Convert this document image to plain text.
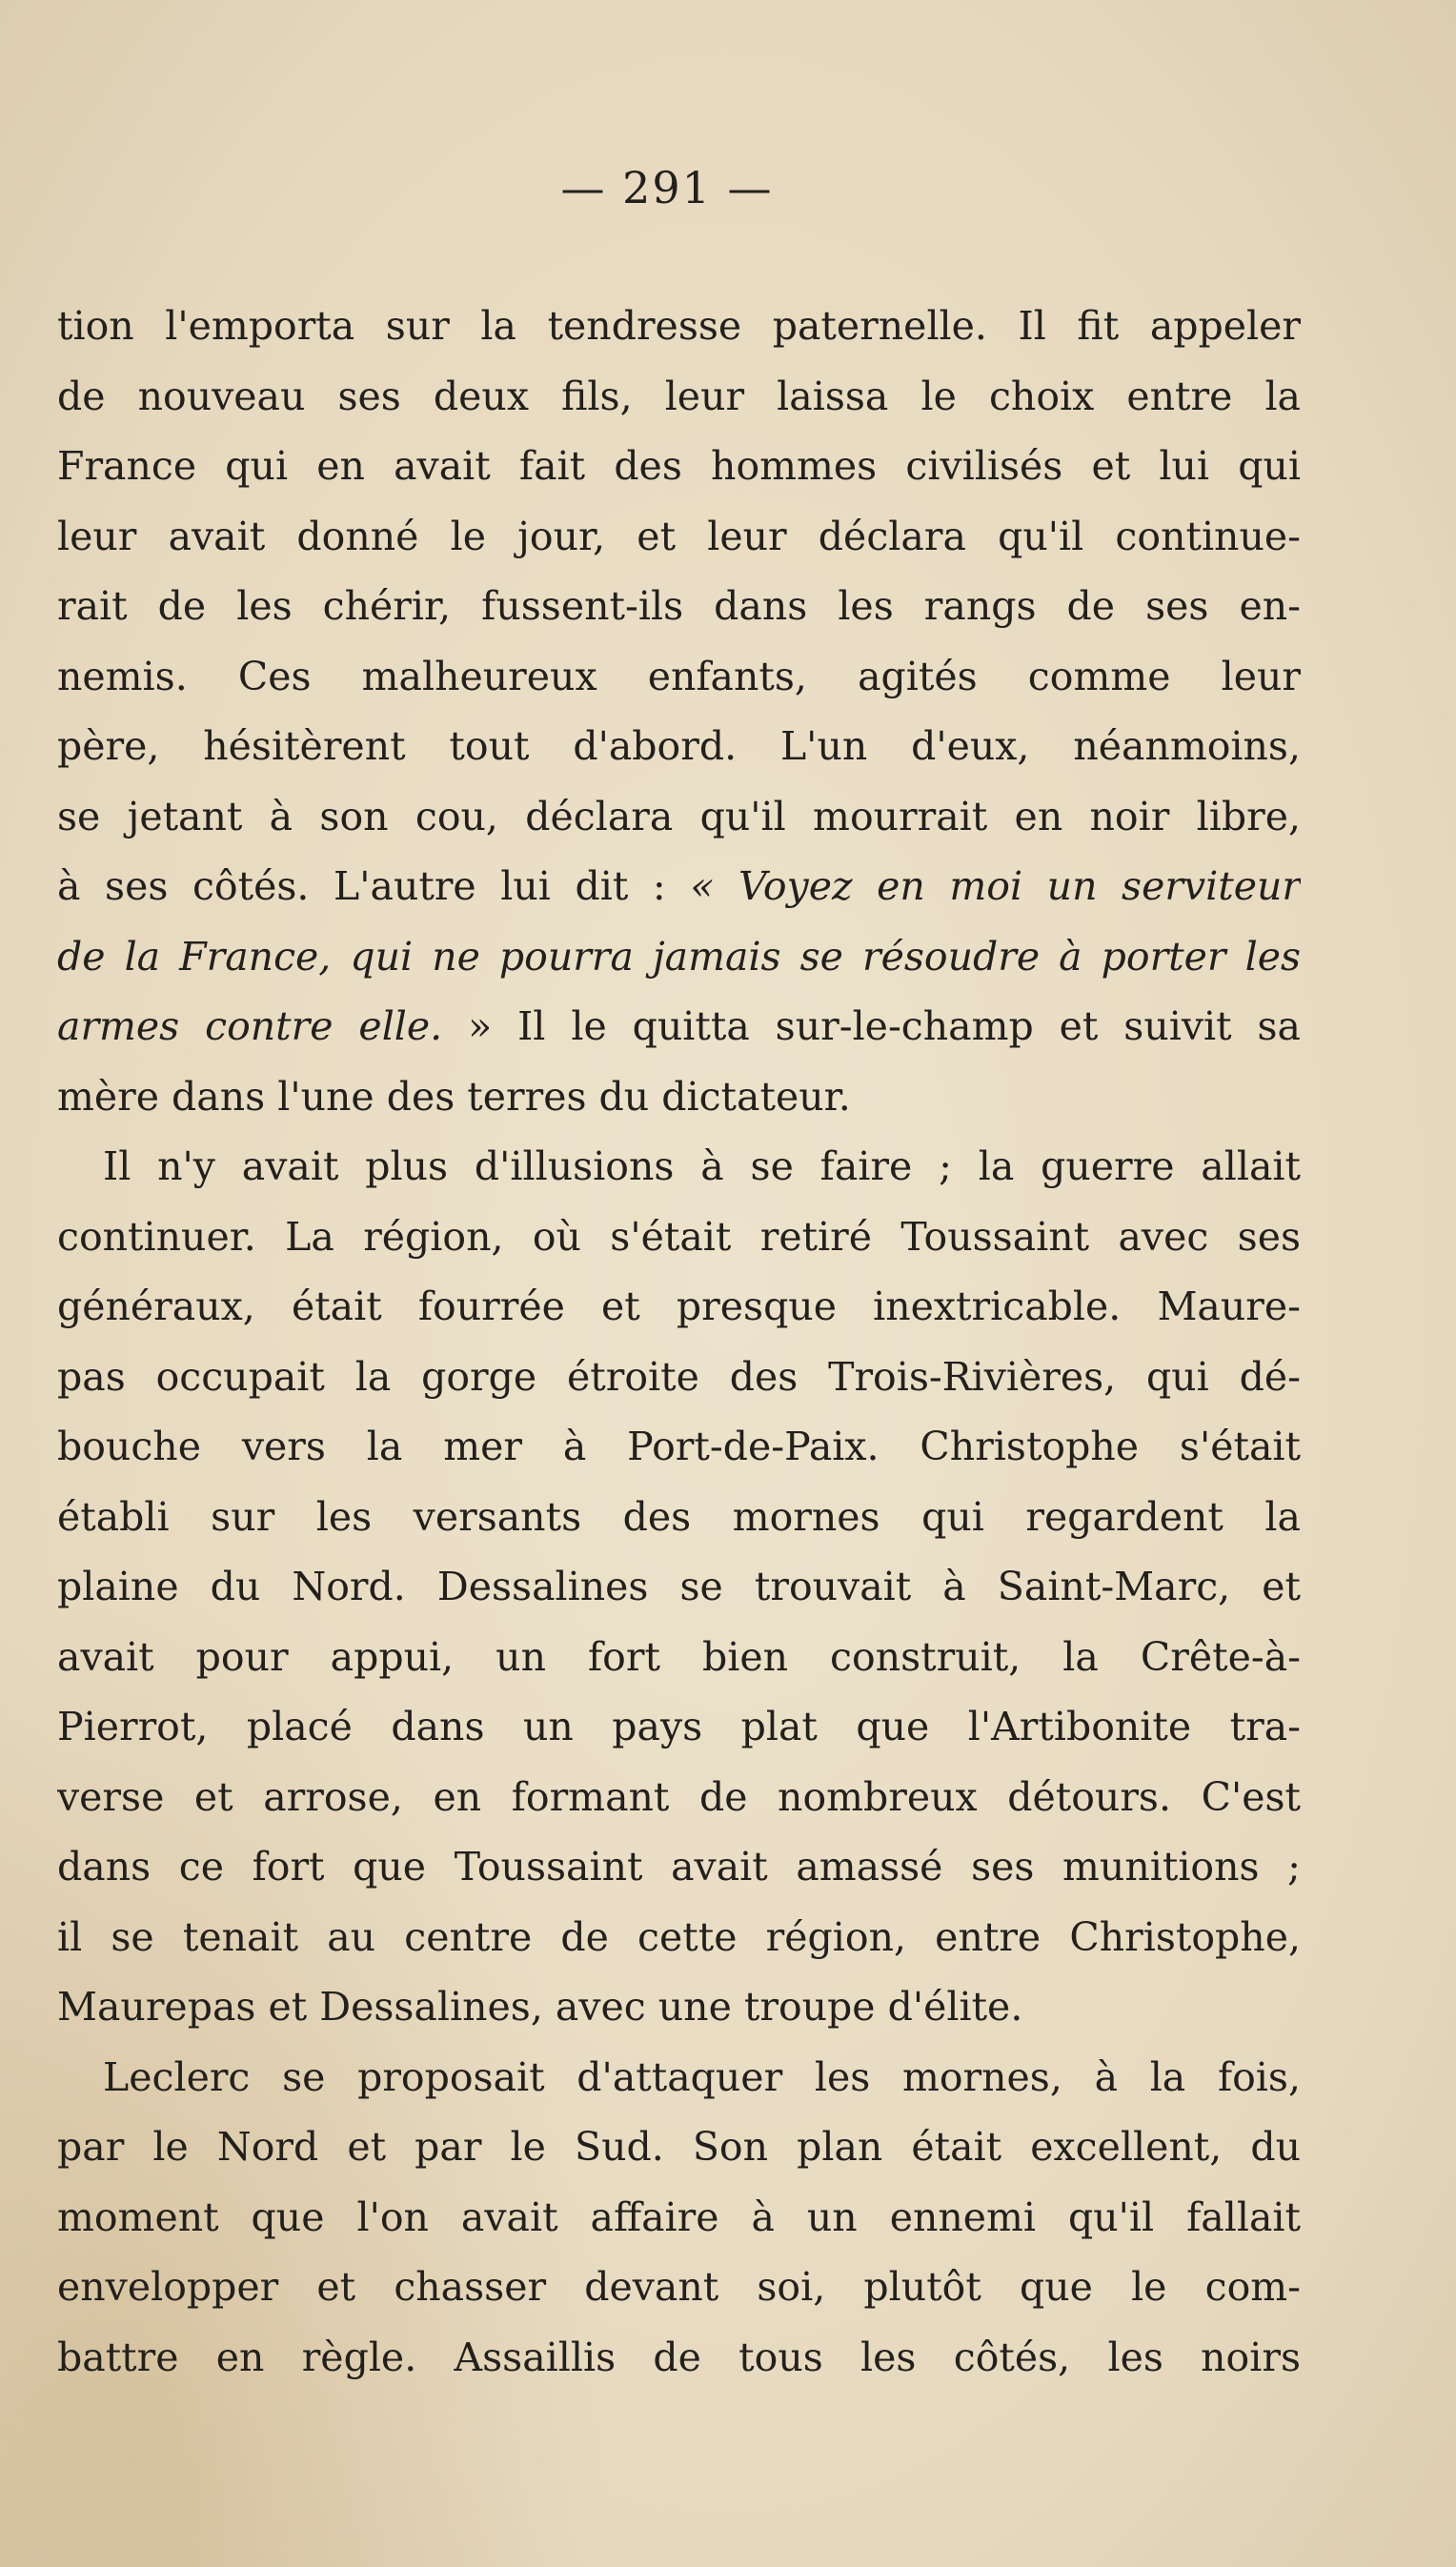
— 291 —
tion l'emporta sur la tendresse paternelle. Il fit appeler
de nouveau ses deux fils, leur laissa le choix entre la
France qui en avait fait des hommes civilisés et lui qui
leur avait donné le jour, et leur déclara qu'il continue-
rait de les chérir, fussent-ils dans les rangs de ses en-
nemis. Ces malheureux enfants, agités comme leur
père, hésitèrent tout d'abord. L'un d'eux, néanmoins,
se jetant à son cou, déclara qu'il mourrait en noir libre,
à ses côtés. L'autre lui dit : « Voyez en moi un serviteur
de la France, qui ne pourra jamais se résoudre à porter les
armes contre elle. » Il le quitta sur-le-champ et suivit sa
mère dans l'une des terres du dictateur.
Il n'y avait plus d'illusions à se faire ; la guerre allait
continuer. La région, où s'était retiré Toussaint avec ses
généraux, était fourrée et presque inextricable. Maure-
pas occupait la gorge étroite des Trois-Rivières, qui dé-
bouche vers la mer à Port-de-Paix. Christophe s'était
établi sur les versants des mornes qui regardent la
plaine du Nord. Dessalines se trouvait à Saint-Marc, et
avait pour appui, un fort bien construit, la Crête-à-
Pierrot, placé dans un pays plat que l'Artibonite tra-
verse et arrose, en formant de nombreux détours. C'est
dans ce fort que Toussaint avait amassé ses munitions ;
il se tenait au centre de cette région, entre Christophe,
Maurepas et Dessalines, avec une troupe d'élite.
Leclerc se proposait d'attaquer les mornes, à la fois,
par le Nord et par le Sud. Son plan était excellent, du
moment que l'on avait affaire à un ennemi qu'il fallait
envelopper et chasser devant soi, plutôt que le com-
battre en règle. Assaillis de tous les côtés, les noirs
